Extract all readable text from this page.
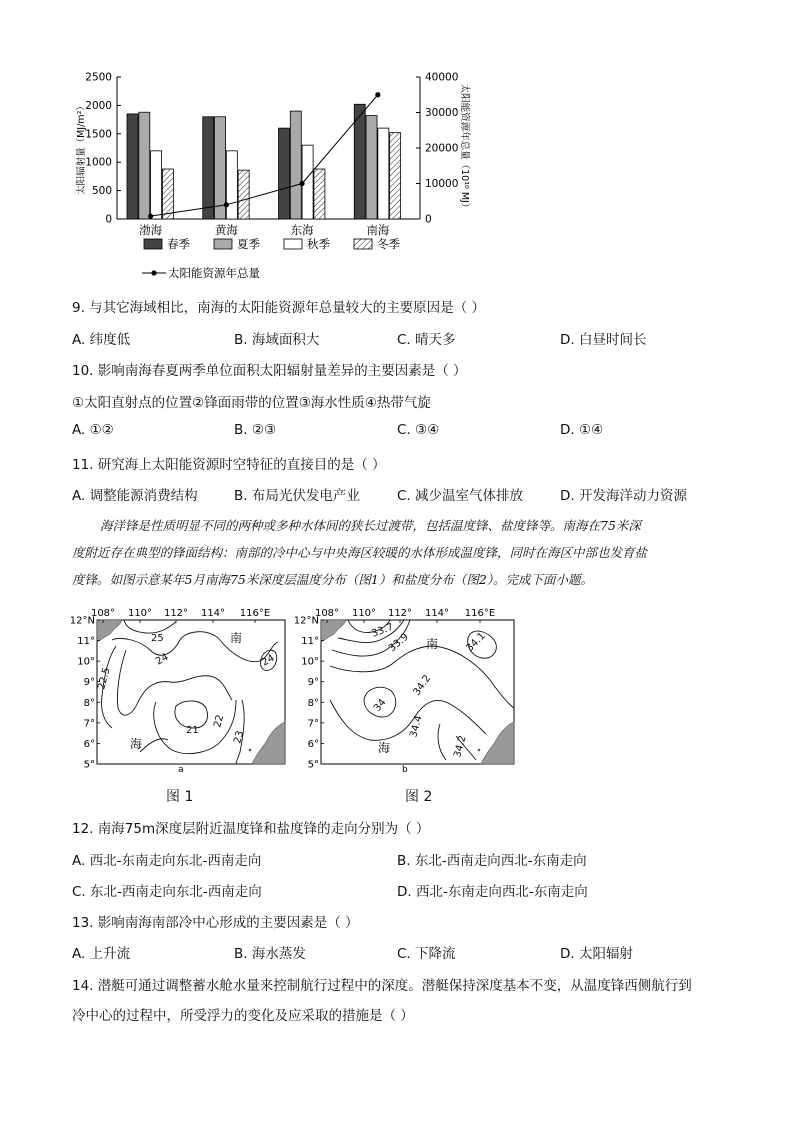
0
500
1000
1500
2000
2500
0
10000
20000
30000
40000
太阳辐射量（MJ/m²）	太阳能资源年总量（10¹⁰ MJ）
渤海	黄海	东海	南海
春季	夏季	秋季	冬季
太阳能资源年总量
9. 与其它海域相比，南海的太阳能资源年总量较大的主要原因是（ ）
A. 纬度低	B. 海域面积大	C. 晴天多	D. 白昼时间长
10. 影响南海春夏两季单位面积太阳辐射量差异的主要因素是（ ）
①太阳直射点的位置②锋面雨带的位置③海水性质④热带气旋
A. ①②	B. ②③	C. ③④	D. ①④
11. 研究海上太阳能资源时空特征的直接目的是（ ）
A. 调整能源消费结构	B. 布局光伏发电产业	C. 减少温室气体排放	D. 开发海洋动力资源
海洋锋是性质明显不同的两种或多种水体间的狭长过渡带，包括温度锋、盐度锋等。南海在75米深
度附近存在典型的锋面结构：南部的冷中心与中央海区较暖的水体形成温度锋，同时在海区中部也发育盐
度锋。如图示意某年5月南海75米深度层温度分布（图1）和盐度分布（图2）。完成下面小题。
25
24	24
22.5
21
22
23
南
海
a
33.7
33.9	34.1
34
34.2
34.4
34.2
南
海
b
108° 110° 112° 114° 116°E
12°N
11°
10°
9°
8°
7°
6°
5°
108° 110° 112° 114° 116°E
12°N
11°
10°
9°
8°
7°
6°
5°
图 1	图 2
12. 南海75m深度层附近温度锋和盐度锋的走向分别为（ ）
A. 西北-东南走向东北-西南走向	B. 东北-西南走向西北-东南走向
C. 东北-西南走向东北-西南走向	D. 西北-东南走向西北-东南走向
13. 影响南海南部冷中心形成的主要因素是（ ）
A. 上升流	B. 海水蒸发	C. 下降流	D. 太阳辐射
14. 潜艇可通过调整蓄水舱水量来控制航行过程中的深度。潜艇保持深度基本不变，从温度锋西侧航行到
冷中心的过程中，所受浮力的变化及应采取的措施是（ ）
